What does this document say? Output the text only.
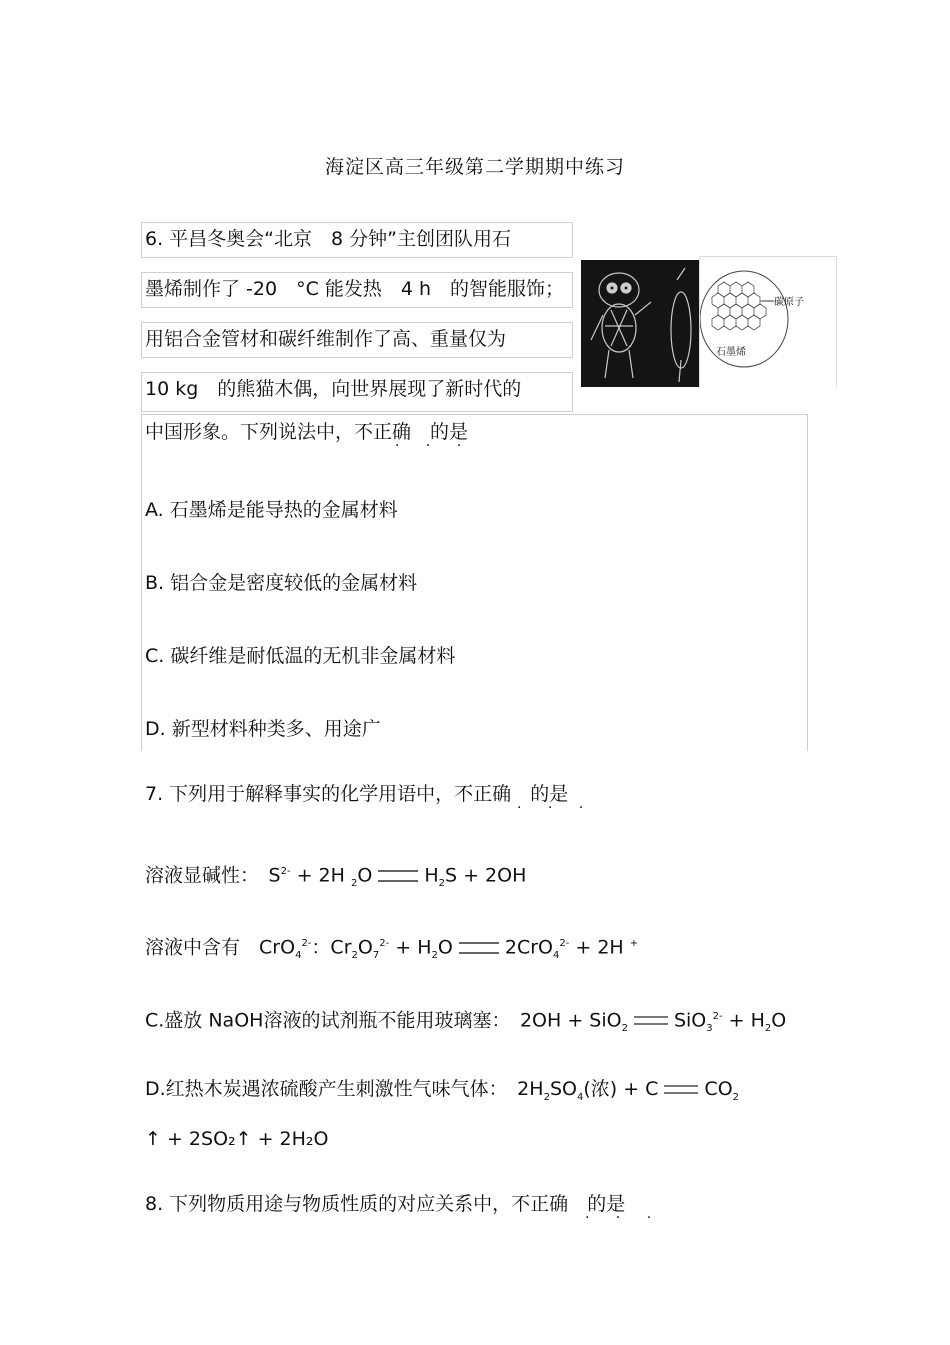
海淀区高三年级第二学期期中练习
6. 平昌冬奥会“北京　8 分钟”主创团队用石
墨烯制作了 -20　°C 能发热　4 h　的智能服饰；
用铝合金管材和碳纤维制作了高、重量仅为
10 kg　的熊猫木偶，向世界展现了新时代的
中国形象。下列说法中，不正确　 的是
· · ·
A. 石墨烯是能导热的金属材料
B. 铝合金是密度较低的金属材料
C. 碳纤维是耐低温的无机非金属材料
D. 新型材料种类多、用途广
碳原子
石墨烯
7. 下列用于解释事实的化学用语中，不正确　 的是
· · ·
溶液显碱性：　$S^{2-} + 2H$ $_2$O	$H_2S + 2OH$
溶液中含有　CrO$_4^{2-}$：$Cr_2O_7^{2-} + H_2O$	2CrO$_4^{2-}$ + 2H +
C.盛放 NaOH溶液的试剂瓶不能用玻璃塞：　2OH + SiO$_2$ $SiO_3^{2-} + H_2O$
D.红热木炭遇浓硫酸产生刺激性气味气体：　$2H_2SO_4$(浓) + C $CO_2$
↑ + 2SO₂↑ + 2H₂O
8. 下列物质用途与物质性质的对应关系中，不正确　 的是
· · ·
